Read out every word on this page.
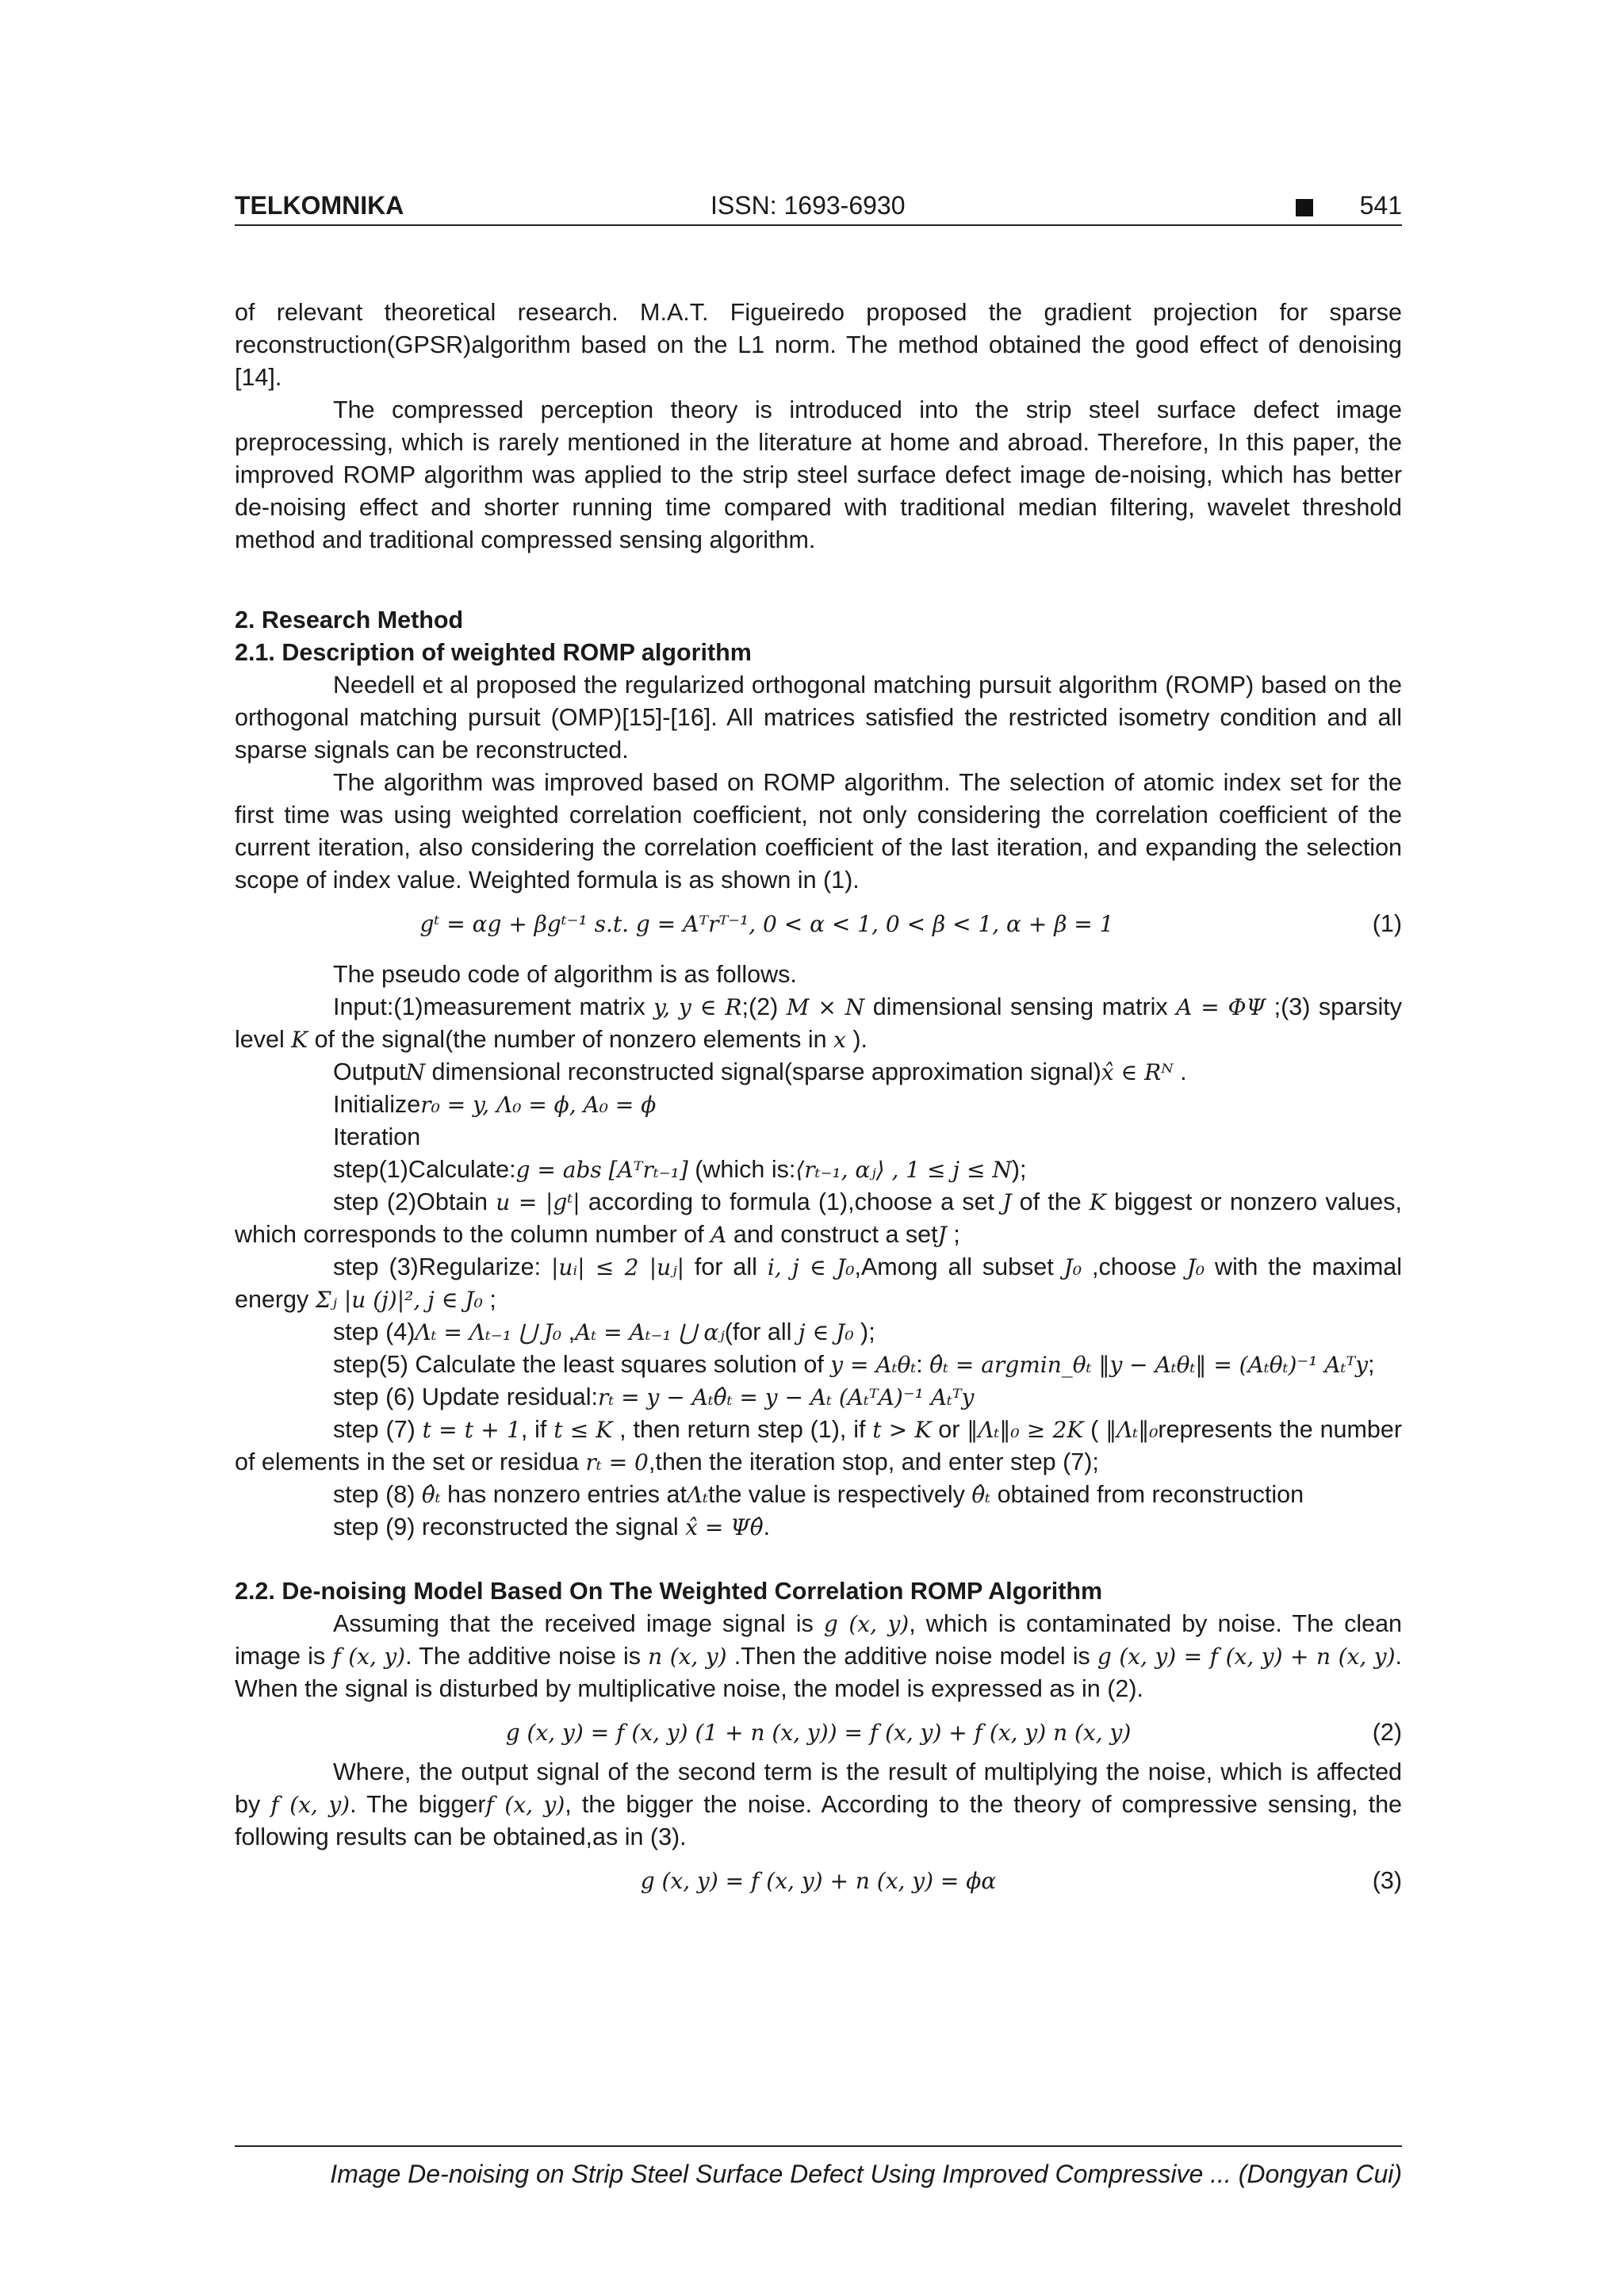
TELKOMNIKA	ISSN: 1693-6930	541

of relevant theoretical research. M.A.T. Figueiredo proposed the gradient projection for sparse reconstruction(GPSR)algorithm based on the L1 norm. The method obtained the good effect of denoising [14].

The compressed perception theory is introduced into the strip steel surface defect image preprocessing, which is rarely mentioned in the literature at home and abroad. Therefore, In this paper, the improved ROMP algorithm was applied to the strip steel surface defect image de-noising, which has better de-noising effect and shorter running time compared with traditional median filtering, wavelet threshold method and traditional compressed sensing algorithm.

2. Research Method

2.1. Description of weighted ROMP algorithm

Needell et al proposed the regularized orthogonal matching pursuit algorithm (ROMP) based on the orthogonal matching pursuit (OMP)[15]-[16]. All matrices satisfied the restricted isometry condition and all sparse signals can be reconstructed.

The algorithm was improved based on ROMP algorithm. The selection of atomic index set for the first time was using weighted correlation coefficient, not only considering the correlation coefficient of the current iteration, also considering the correlation coefficient of the last iteration, and expanding the selection scope of index value. Weighted formula is as shown in (1).

gᵗ = αg + βgᵗ⁻¹ s.t. g = Aᵀrᵀ⁻¹, 0 < α < 1, 0 < β < 1, α + β = 1	(1)

The pseudo code of algorithm is as follows.

Input:(1)measurement matrix y, y ∈ R;(2) M × N dimensional sensing matrix A = ΦΨ ;(3) sparsity level K of the signal(the number of nonzero elements in x ).

OutputN dimensional reconstructed signal(sparse approximation signal)x̂ ∈ Rᴺ .

Initializer₀ = y, Λ₀ = ϕ, A₀ = ϕ

Iteration

step(1)Calculate:g = abs [Aᵀrₜ₋₁] (which is:⟨rₜ₋₁, αⱼ⟩ , 1 ≤ j ≤ N);

step (2)Obtain u = |gᵗ| according to formula (1),choose a set J of the K biggest or nonzero values, which corresponds to the column number of A and construct a setJ ;

step (3)Regularize: |uᵢ| ≤ 2 |uⱼ| for all i, j ∈ J₀,Among all subset J₀ ,choose J₀ with the maximal energy Σⱼ |u (j)|², j ∈ J₀ ;

step (4)Λₜ = Λₜ₋₁ ⋃ J₀ ,Aₜ = Aₜ₋₁ ⋃ αⱼ(for all j ∈ J₀ );

step(5) Calculate the least squares solution of y = Aₜθₜ: θ̂ₜ = argmin_θₜ ‖y − Aₜθₜ‖ = (Aₜθₜ)⁻¹ Aₜᵀy;

step (6) Update residual:rₜ = y − Aₜθ̂ₜ = y − Aₜ (AₜᵀA)⁻¹ Aₜᵀy

step (7) t = t + 1, if t ≤ K , then return step (1), if t > K or ‖Λₜ‖₀ ≥ 2K ( ‖Λₜ‖₀represents the number of elements in the set or residua rₜ = 0,then the iteration stop, and enter step (7);

step (8) θ̂ₜ has nonzero entries atΛₜthe value is respectively θ̂ₜ obtained from reconstruction

step (9) reconstructed the signal x̂ = Ψθ̂.

2.2. De-noising Model Based On The Weighted Correlation ROMP Algorithm

Assuming that the received image signal is g (x, y), which is contaminated by noise. The clean image is f (x, y). The additive noise is n (x, y) .Then the additive noise model is g (x, y) = f (x, y) + n (x, y). When the signal is disturbed by multiplicative noise, the model is expressed as in (2).

g (x, y) = f (x, y) (1 + n (x, y)) = f (x, y) + f (x, y) n (x, y)	(2)

Where, the output signal of the second term is the result of multiplying the noise, which is affected by f (x, y). The biggerf (x, y), the bigger the noise. According to the theory of compressive sensing, the following results can be obtained,as in (3).

g (x, y) = f (x, y) + n (x, y) = ϕα	(3)
Image De-noising on Strip Steel Surface Defect Using Improved Compressive ... (Dongyan Cui)
